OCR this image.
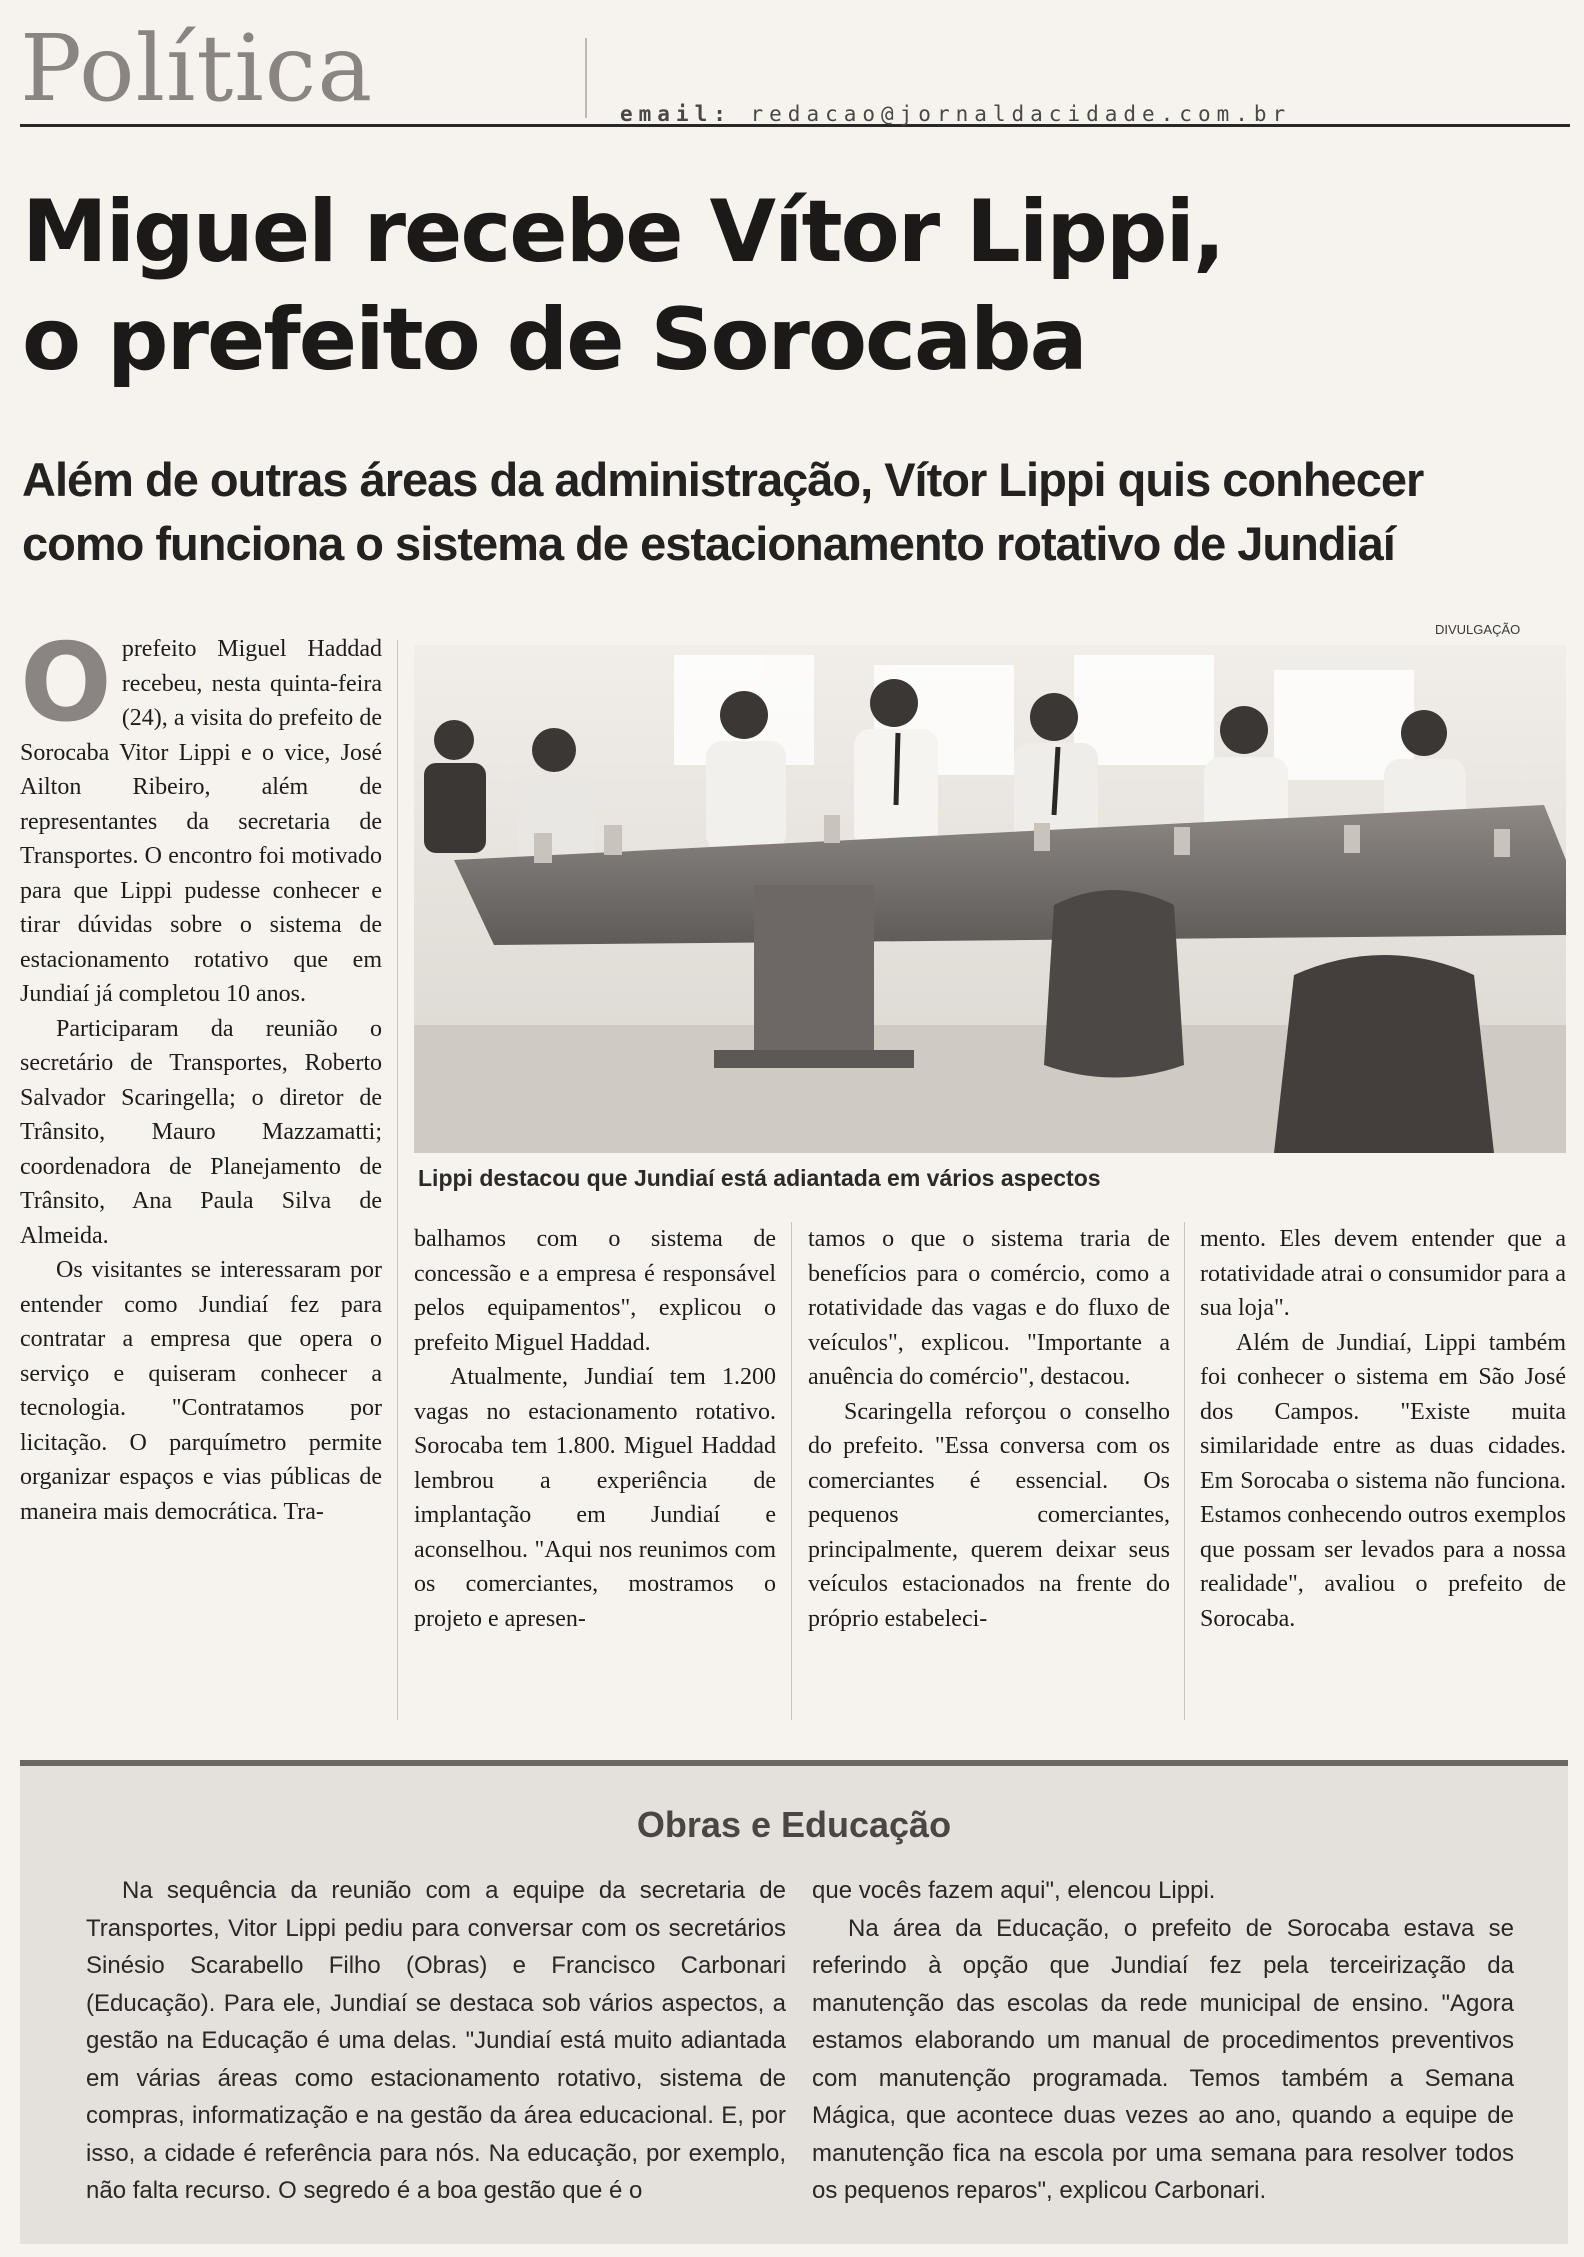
Política	email: redacao@jornaldacidade.com.br
Miguel recebe Vítor Lippi,
o prefeito de Sorocaba
Além de outras áreas da administração, Vítor Lippi quis conhecer
como funciona o sistema de estacionamento rotativo de Jundiaí
DIVULGAÇÃO
Lippi destacou que Jundiaí está adiantada em vários aspectos

Oprefeito Miguel Haddad recebeu, nesta quinta-feira (24), a visita do prefeito de Sorocaba Vitor Lippi e o vice, José Ailton Ribeiro, além de representantes da secretaria de Transportes. O encontro foi motivado para que Lippi pudesse conhecer e tirar dúvidas sobre o sistema de estacionamento rotativo que em Jundiaí já completou 10 anos.

Participaram da reunião o secretário de Transportes, Roberto Salvador Scaringella; o diretor de Trânsito, Mauro Mazzamatti; coordenadora de Planejamento de Trânsito, Ana Paula Silva de Almeida.

Os visitantes se interessaram por entender como Jundiaí fez para contratar a empresa que opera o serviço e quiseram conhecer a tecnologia. "Contratamos por licitação. O parquímetro permite organizar espaços e vias públicas de maneira mais democrática. Tra-

balhamos com o sistema de concessão e a empresa é responsável pelos equipamentos", explicou o prefeito Miguel Haddad.

Atualmente, Jundiaí tem 1.200 vagas no estacionamento rotativo. Sorocaba tem 1.800. Miguel Haddad lembrou a experiência de implantação em Jundiaí e aconselhou. "Aqui nos reunimos com os comerciantes, mostramos o projeto e apresen-

tamos o que o sistema traria de benefícios para o comércio, como a rotatividade das vagas e do fluxo de veículos", explicou. "Importante a anuência do comércio", destacou.

Scaringella reforçou o conselho do prefeito. "Essa conversa com os comerciantes é essencial. Os pequenos comerciantes, principalmente, querem deixar seus veículos estacionados na frente do próprio estabeleci-

mento. Eles devem entender que a rotatividade atrai o consumidor para a sua loja".

Além de Jundiaí, Lippi também foi conhecer o sistema em São José dos Campos. "Existe muita similaridade entre as duas cidades. Em Sorocaba o sistema não funciona. Estamos conhecendo outros exemplos que possam ser levados para a nossa realidade", avaliou o prefeito de Sorocaba.

Obras e Educação

Na sequência da reunião com a equipe da secretaria de Transportes, Vitor Lippi pediu para conversar com os secretários Sinésio Scarabello Filho (Obras) e Francisco Carbonari (Educação). Para ele, Jundiaí se destaca sob vários aspectos, a gestão na Educação é uma delas. "Jundiaí está muito adiantada em várias áreas como estacionamento rotativo, sistema de compras, informatização e na gestão da área educacional. E, por isso, a cidade é referência para nós. Na educação, por exemplo, não falta recurso. O segredo é a boa gestão que é o

que vocês fazem aqui", elencou Lippi.

Na área da Educação, o prefeito de Sorocaba estava se referindo à opção que Jundiaí fez pela terceirização da manutenção das escolas da rede municipal de ensino. "Agora estamos elaborando um manual de procedimentos preventivos com manutenção programada. Temos também a Semana Mágica, que acontece duas vezes ao ano, quando a equipe de manutenção fica na escola por uma semana para resolver todos os pequenos reparos", explicou Carbonari.
